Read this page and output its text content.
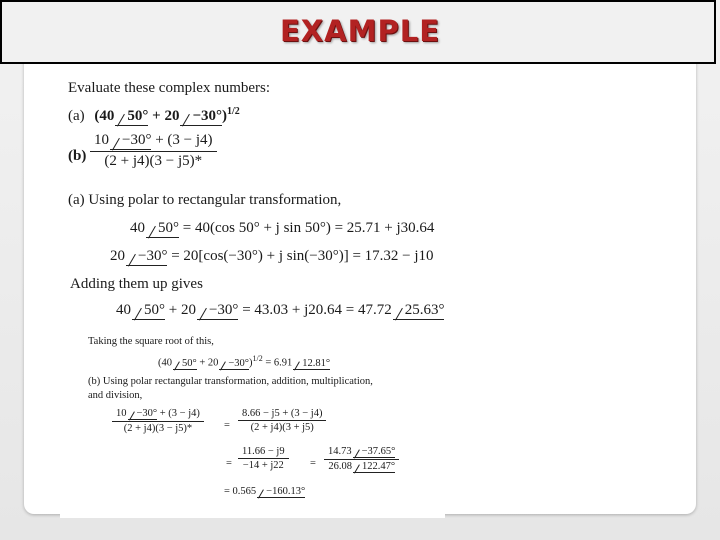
EXAMPLE
Evaluate these complex numbers:
(a) (40 50° + 20 −30°)$^{1/2}$
$(b) \frac{10 -30^\circ + (3 - j4)}{(2 + j4)(3 - j5)*}$
(a) Using polar to rectangular transformation,
40 50° = 40(cos 50° + j sin 50°) = 25.71 + j30.64
20 −30° = 20[cos(−30°) + j sin(−30°)] = 17.32 − j10
Adding them up gives
40 50° + 20 −30° = 43.03 + j20.64 = 47.72 25.63°
Taking the square root of this,
(40 50° + 20 −30°)$^{1/2}$ = 6.91 12.81°
(b) Using polar rectangular transformation, addition, multiplication,
and division,
$\frac{10 -30^\circ + (3 - j4)}{(2 + j4)(3 - j5)*} = \frac{8.66 - j5 + (3 - j4)}{(2 + j4)(3 + j5)}$
= $\frac{11.66 - j9}{-14 + j22} = \frac{14.73 -37.65^\circ}{26.08 122.47^\circ}$
= 0.565 −160.13°
